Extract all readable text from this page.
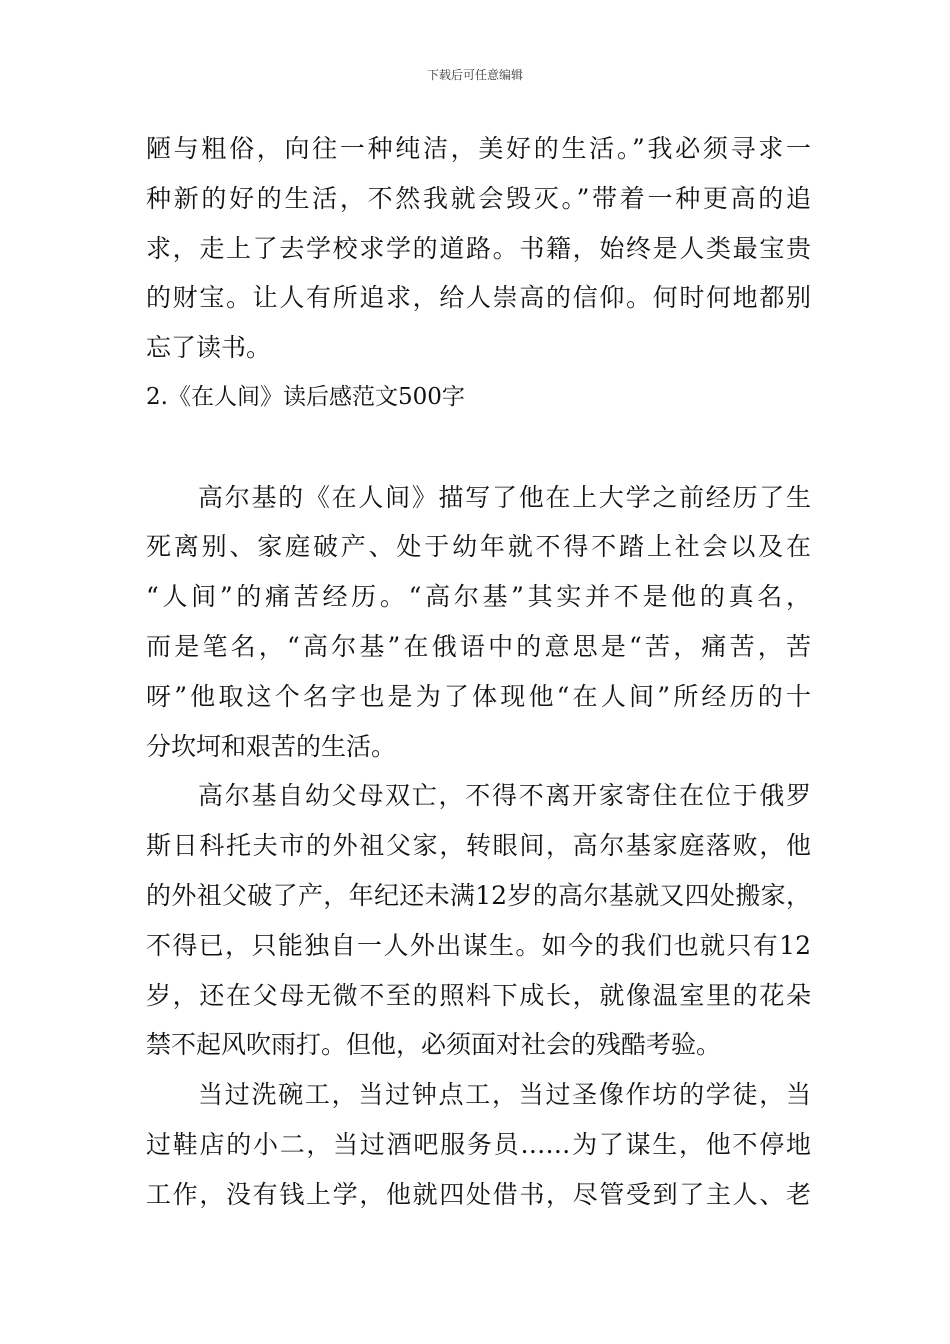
下载后可任意编辑
陋与粗俗，向往一种纯洁，美好的生活。”我必须寻求一
种新的好的生活，不然我就会毁灭。”带着一种更高的追
求，走上了去学校求学的道路。书籍，始终是人类最宝贵
的财宝。让人有所追求，给人崇高的信仰。何时何地都别
忘了读书。
2.《在人间》读后感范文500字
高尔基的《在人间》描写了他在上大学之前经历了生
死离别、家庭破产、处于幼年就不得不踏上社会以及在
“人间”的痛苦经历。“高尔基”其实并不是他的真名，
而是笔名，“高尔基”在俄语中的意思是“苦，痛苦，苦
呀”他取这个名字也是为了体现他“在人间”所经历的十
分坎坷和艰苦的生活。
高尔基自幼父母双亡，不得不离开家寄住在位于俄罗
斯日科托夫市的外祖父家，转眼间，高尔基家庭落败，他
的外祖父破了产，年纪还未满12岁的高尔基就又四处搬家，
不得已，只能独自一人外出谋生。如今的我们也就只有12
岁，还在父母无微不至的照料下成长，就像温室里的花朵
禁不起风吹雨打。但他，必须面对社会的残酷考验。
当过洗碗工，当过钟点工，当过圣像作坊的学徒，当
过鞋店的小二，当过酒吧服务员……为了谋生，他不停地
工作，没有钱上学，他就四处借书，尽管受到了主人、老
